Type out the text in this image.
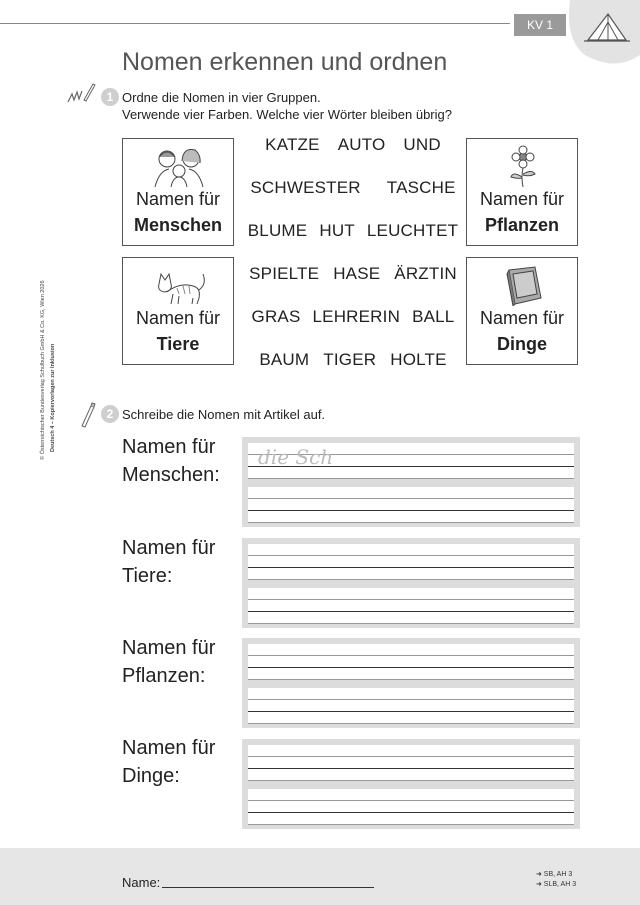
KV 1
Nomen erkennen und ordnen
1 Ordne die Nomen in vier Gruppen.
Verwende vier Farben. Welche vier Wörter bleiben übrig?
Namen für
Menschen
Namen für
Pflanzen
Namen für
Tiere
Namen für
Dinge
KATZE AUTO UND
SCHWESTER TASCHE
BLUME HUT LEUCHTET
SPIELTE HASE ÄRZTIN
GRAS LEHRERIN BALL
BAUM TIGER HOLTE
2 Schreibe die Nomen mit Artikel auf.
Namen für
Menschen:
die Sch
Namen für
Tiere:
Namen für
Pflanzen:
Namen für
Dinge:
© Österreichischer Bundesverlag Schulbuch GmbH & Co. KG, Wien 2026 Deutsch 4 – Kopiervorlagen zur Inklusion
Name:
➜ SB, AH 3
➜ SLB, AH 3
